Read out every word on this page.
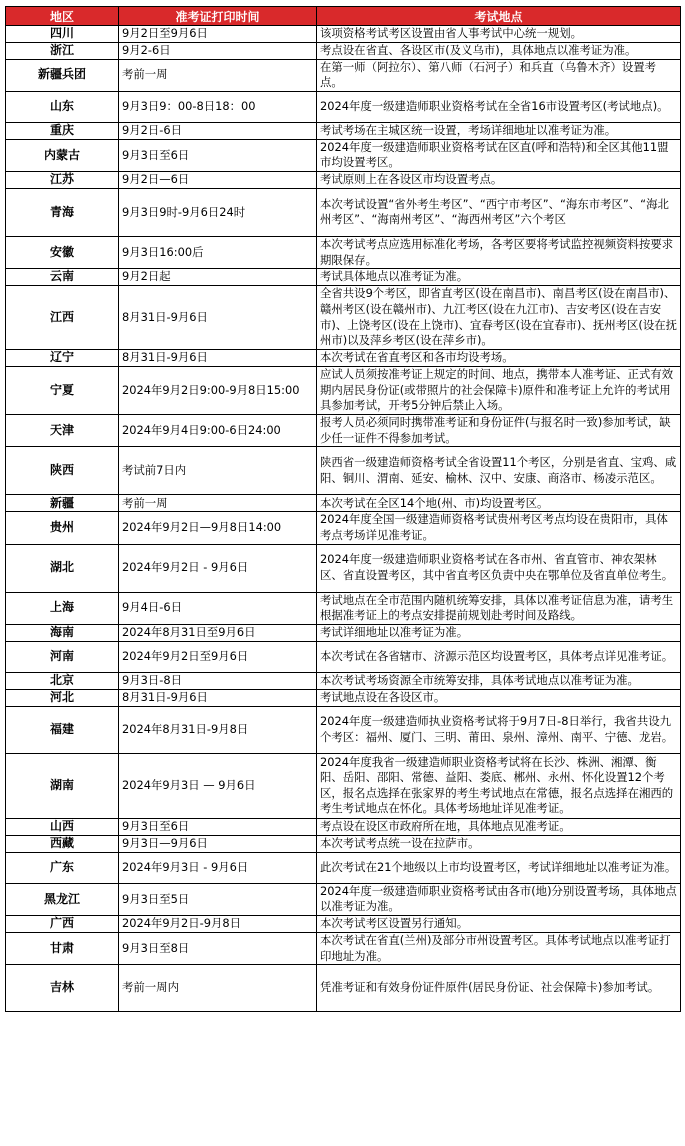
地区	准考证打印时间	考试地点
四川	9月2日至9月6日	该项资格考试考区设置由省人事考试中心统一规划。
浙江	9月2-6日	考点设在省直、各设区市(及义乌市)，具体地点以准考证为准。
新疆兵团	考前一周	在第一师（阿拉尔）、第八师（石河子）和兵直（乌鲁木齐）设置考点。
山东	9月3日9：00-8日18：00	2024年度一级建造师职业资格考试在全省16市设置考区(考试地点)。
重庆	9月2日-6日	考试考场在主城区统一设置，考场详细地址以准考证为准。
内蒙古	9月3日至6日	2024年度一级建造师职业资格考试在区直(呼和浩特)和全区其他11盟市均设置考区。
江苏	9月2日—6日	考试原则上在各设区市均设置考点。
青海	9月3日9时-9月6日24时	本次考试设置“省外考生考区”、“西宁市考区”、“海东市考区”、“海北州考区”、“海南州考区”、“海西州考区”六个考区
安徽	9月3日16:00后	本次考试考点应选用标准化考场，各考区要将考试监控视频资料按要求期限保存。
云南	9月2日起	考试具体地点以准考证为准。
江西	8月31日-9月6日	全省共设9个考区，即省直考区(设在南昌市)、南昌考区(设在南昌市)、赣州考区(设在赣州市)、九江考区(设在九江市)、吉安考区(设在吉安市)、上饶考区(设在上饶市)、宜春考区(设在宜春市)、抚州考区(设在抚州市)以及萍乡考区(设在萍乡市)。
辽宁	8月31日-9月6日	本次考试在省直考区和各市均设考场。
宁夏	2024年9月2日9:00-9月8日15:00	应试人员须按准考证上规定的时间、地点，携带本人准考证、正式有效期内居民身份证(或带照片的社会保障卡)原件和准考证上允许的考试用具参加考试，开考5分钟后禁止入场。
天津	2024年9月4日9:00-6日24:00	报考人员必须同时携带准考证和身份证件(与报名时一致)参加考试，缺少任一证件不得参加考试。
陕西	考试前7日内	陕西省一级建造师资格考试全省设置11个考区，分别是省直、宝鸡、咸阳、铜川、渭南、延安、榆林、汉中、安康、商洛市、杨凌示范区。
新疆	考前一周	本次考试在全区14个地(州、市)均设置考区。
贵州	2024年9月2日—9月8日14:00	2024年度全国一级建造师资格考试贵州考区考点均设在贵阳市，具体考点考场详见准考证。
湖北	2024年9月2日 - 9月6日	2024年度一级建造师职业资格考试在各市州、省直管市、神农架林区、省直设置考区，其中省直考区负责中央在鄂单位及省直单位考生。
上海	9月4日-6日	考试地点在全市范围内随机统筹安排，具体以准考证信息为准，请考生根据准考证上的考点安排提前规划赴考时间及路线。
海南	2024年8月31日至9月6日	考试详细地址以准考证为准。
河南	2024年9月2日至9月6日	本次考试在各省辖市、济源示范区均设置考区，具体考点详见准考证。
北京	9月3日-8日	本次考试考场资源全市统筹安排，具体考试地点以准考证为准。
河北	8月31日-9月6日	考试地点设在各设区市。
福建	2024年8月31日-9月8日	2024年度一级建造师执业资格考试将于9月7日-8日举行，我省共设九个考区：福州、厦门、三明、莆田、泉州、漳州、南平、宁德、龙岩。
湖南	2024年9月3日 — 9月6日	2024年度我省一级建造师职业资格考试将在长沙、株洲、湘潭、衡阳、岳阳、邵阳、常德、益阳、娄底、郴州、永州、怀化设置12个考区，报名点选择在张家界的考生考试地点在常德，报名点选择在湘西的考生考试地点在怀化。具体考场地址详见准考证。
山西	9月3日至6日	考点设在设区市政府所在地，具体地点见准考证。
西藏	9月3日—9月6日	本次考试考点统一设在拉萨市。
广东	2024年9月3日 - 9月6日	此次考试在21个地级以上市均设置考区，考试详细地址以准考证为准。
黑龙江	9月3日至5日	2024年度一级建造师职业资格考试由各市(地)分别设置考场，具体地点以准考证为准。
广西	2024年9月2日-9月8日	本次考试考区设置另行通知。
甘肃	9月3日至8日	本次考试在省直(兰州)及部分市州设置考区。具体考试地点以准考证打印地址为准。
吉林	考前一周内	凭准考证和有效身份证件原件(居民身份证、社会保障卡)参加考试。
